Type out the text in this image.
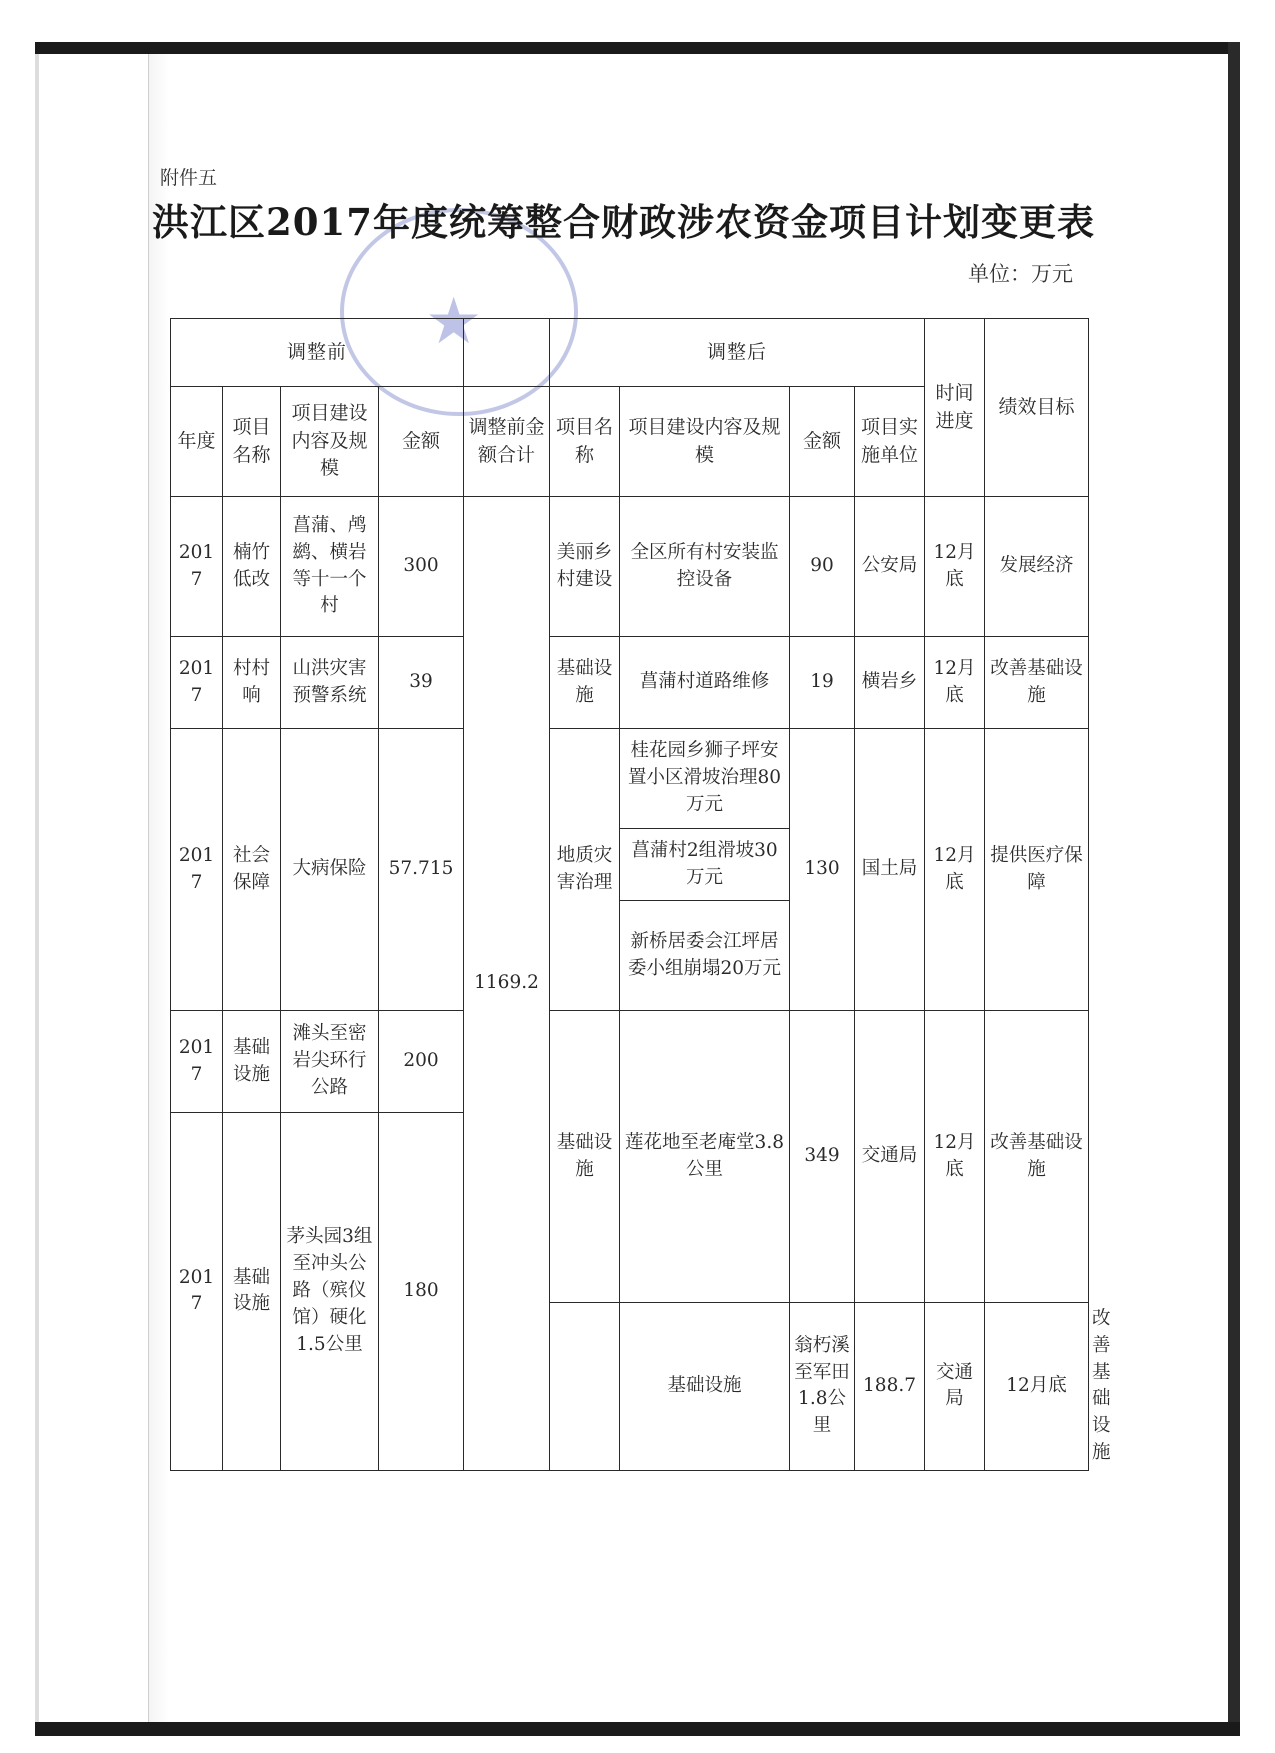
★
附件五
洪江区2017年度统筹整合财政涉农资金项目计划变更表
单位：万元
调整前					调整后				时间进度	绩效目标	
年度	项目名称	项目建设内容及规模	金额	调整前金额合计	项目名称	项目建设内容及规模	金额	项目实施单位			
2017	楠竹低改	菖蒲、鸬鹚、横岩等十一个村	300	1169.2	美丽乡村建设	全区所有村安装监控设备	90	公安局	12月底	发展经济	
2017	村村响	山洪灾害预警系统	39		基础设施	菖蒲村道路维修	19	横岩乡	12月底	改善基础设施	
2017	社会保障	大病保险	57.715		地质灾害治理	桂花园乡狮子坪安置小区滑坡治理80万元	130	国土局	12月底	提供医疗保障	
						菖蒲村2组滑坡30万元					
						新桥居委会江坪居委小组崩塌20万元					
2017	基础设施	滩头至密岩尖环行公路	200		基础设施	莲花地至老庵堂3.8公里	349	交通局	12月底	改善基础设施	
2017	基础设施	茅头园3组至冲头公路（殡仪馆）硬化1.5公里	180								
						基础设施	翁朽溪至军田1.8公里	188.7	交通局	12月底	改善基础设施
